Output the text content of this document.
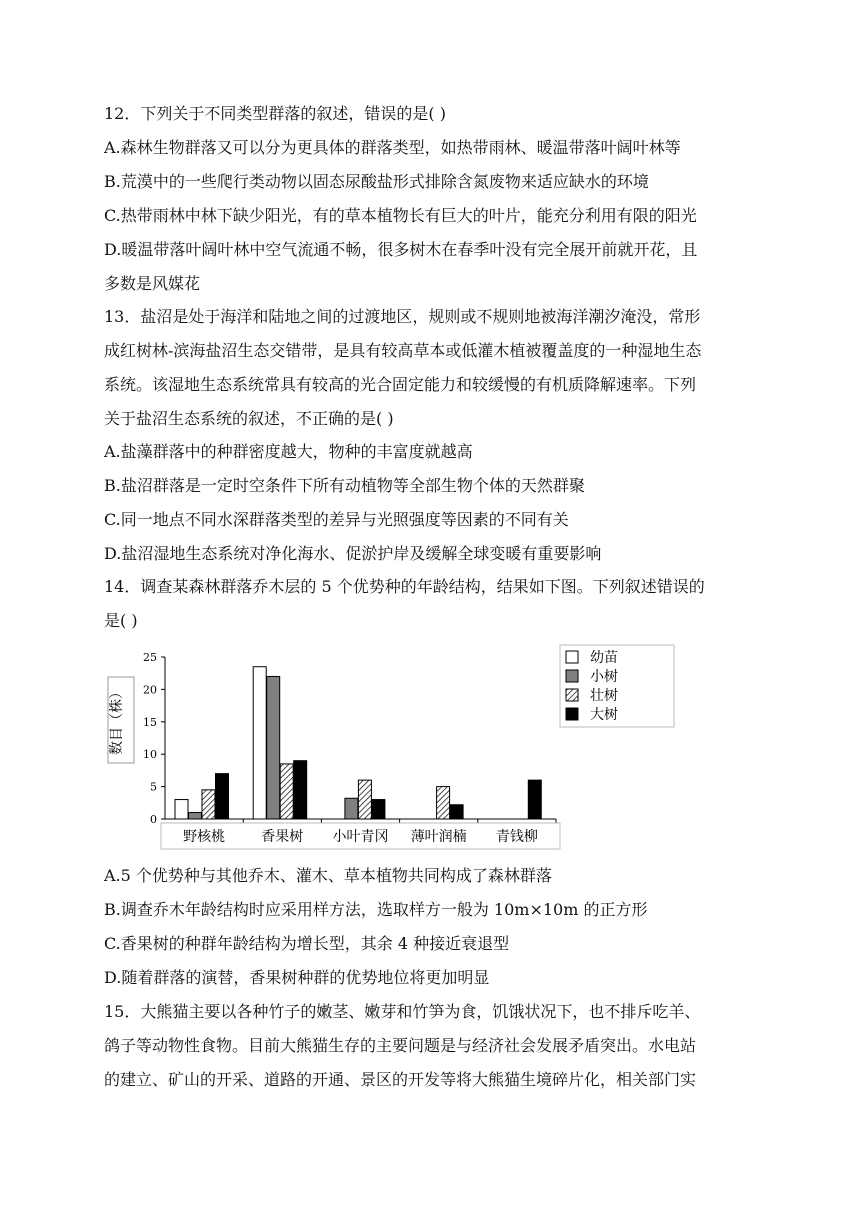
12．下列关于不同类型群落的叙述，错误的是( )
A.森林生物群落又可以分为更具体的群落类型，如热带雨林、暖温带落叶阔叶林等
B.荒漠中的一些爬行类动物以固态尿酸盐形式排除含氮废物来适应缺水的环境
C.热带雨林中林下缺少阳光，有的草本植物长有巨大的叶片，能充分利用有限的阳光
D.暖温带落叶阔叶林中空气流通不畅，很多树木在春季叶没有完全展开前就开花，且
多数是风媒花
13．盐沼是处于海洋和陆地之间的过渡地区，规则或不规则地被海洋潮汐淹没，常形
成红树林-滨海盐沼生态交错带，是具有较高草本或低灌木植被覆盖度的一种湿地生态
系统。该湿地生态系统常具有较高的光合固定能力和较缓慢的有机质降解速率。下列
关于盐沼生态系统的叙述，不正确的是( )
A.盐藻群落中的种群密度越大，物种的丰富度就越高
B.盐沼群落是一定时空条件下所有动植物等全部生物个体的天然群聚
C.同一地点不同水深群落类型的差异与光照强度等因素的不同有关
D.盐沼湿地生态系统对净化海水、促淤护岸及缓解全球变暖有重要影响
14．调查某森林群落乔木层的 5 个优势种的年龄结构，结果如下图。下列叙述错误的
是( )
数目（株）
0
5
10
15
20
25
野核桃	香果树 小叶青冈 薄叶润楠 青钱柳
幼苗
小树
壮树
大树
A.5 个优势种与其他乔木、灌木、草本植物共同构成了森林群落
B.调查乔木年龄结构时应采用样方法，选取样方一般为 10m×10m 的正方形
C.香果树的种群年龄结构为增长型，其余 4 种接近衰退型
D.随着群落的演替，香果树种群的优势地位将更加明显
15．大熊猫主要以各种竹子的嫩茎、嫩芽和竹笋为食，饥饿状况下，也不排斥吃羊、
鸽子等动物性食物。目前大熊猫生存的主要问题是与经济社会发展矛盾突出。水电站
的建立、矿山的开采、道路的开通、景区的开发等将大熊猫生境碎片化，相关部门实
